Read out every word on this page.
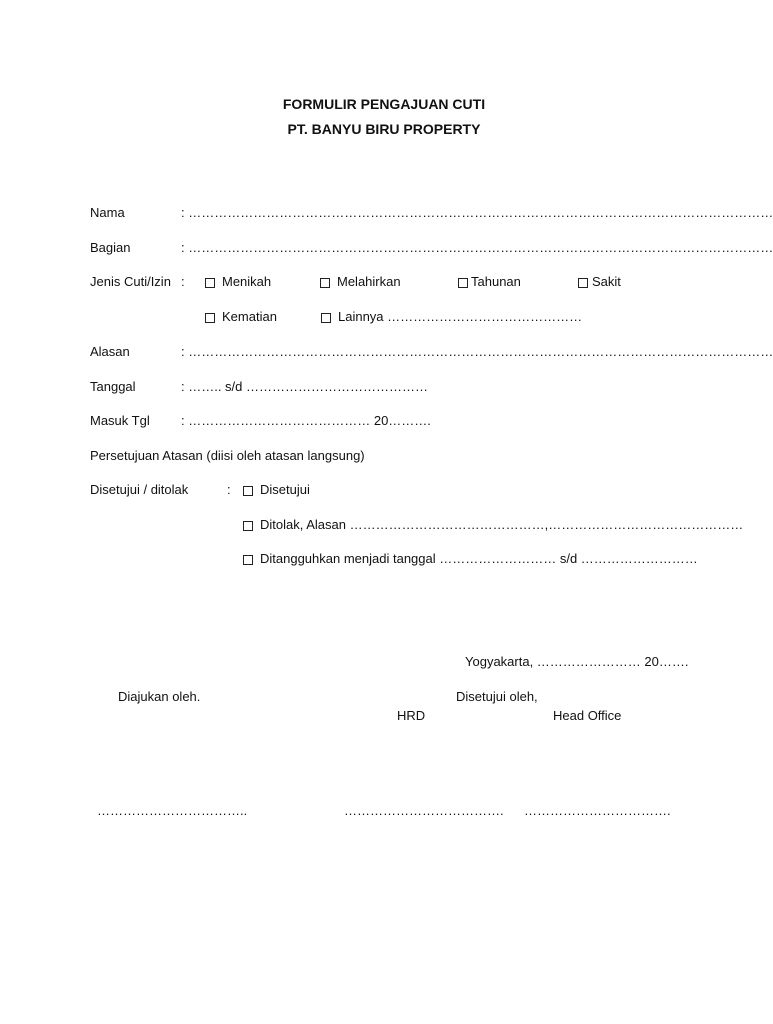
FORMULIR PENGAJUAN CUTI
PT. BANYU BIRU PROPERTY
Nama	: ………………………………………………………………………………………………………………………
Bagian	: ………………………………………………………………………………………………………………………
Jenis Cuti/Izin :	Menikah	Melahirkan	Tahunan	Sakit
Kematian	Lainnya ………………………………………
Alasan	: ………………………………………………………………………………………………………………………
Tanggal	: …….. s/d ……………………………………
Masuk Tgl : …………………………………… 20……….
Persetujuan Atasan (diisi oleh atasan langsung)
Disetujui / ditolak	: Disetujui
Ditolak, Alasan ………………………………………,………………………………………
Ditangguhkan menjadi tanggal ……………………… s/d ………………………
Yogyakarta, …………………… 20…….
Diajukan oleh.	Disetujui oleh,
HRD	Head Office
……………………………..	………………………………. …………………………….
